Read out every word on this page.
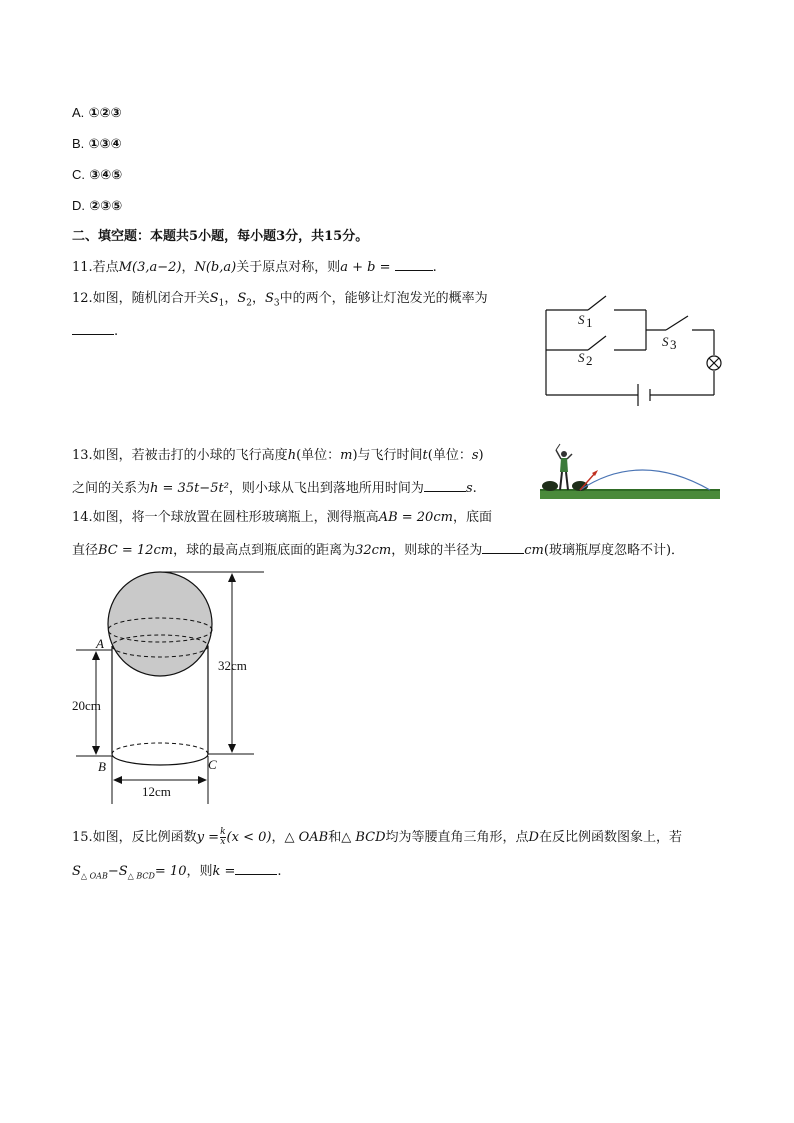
A. ①②③
B. ①③④
C. ③④⑤
D. ②③⑤
二、填空题：本题共5小题，每小题3分，共15分。
11.若点M(3,a−2)，N(b,a)关于原点对称，则a + b =	.
12.如图，随机闭合开关$S_1$，$S_2$，$S_3$中的两个，能够让灯泡发光的概率为
.
S 1
S 2
S 3
13.如图，若被击打的小球的飞行高度h(单位：m)与飞行时间t(单位：s)
之间的关系为h = 35t−5t²，则小球从飞出到落地所用时间为	s.
14.如图，将一个球放置在圆柱形玻璃瓶上，测得瓶高AB = 20cm，底面
直径BC = 12cm，球的最高点到瓶底面的距离为32cm，则球的半径为	cm(玻璃瓶厚度忽略不计)．
A
B	C
32cm
20cm
12cm
15.如图，反比例函数$y = \frac{k}{x} (x < 0)$，△ OAB和△ BCD均为等腰直角三角形，点D在反比例函数图象上，若
$S_{\triangle OAB}-S_{\triangle BCD}= 10$，则k =	.
